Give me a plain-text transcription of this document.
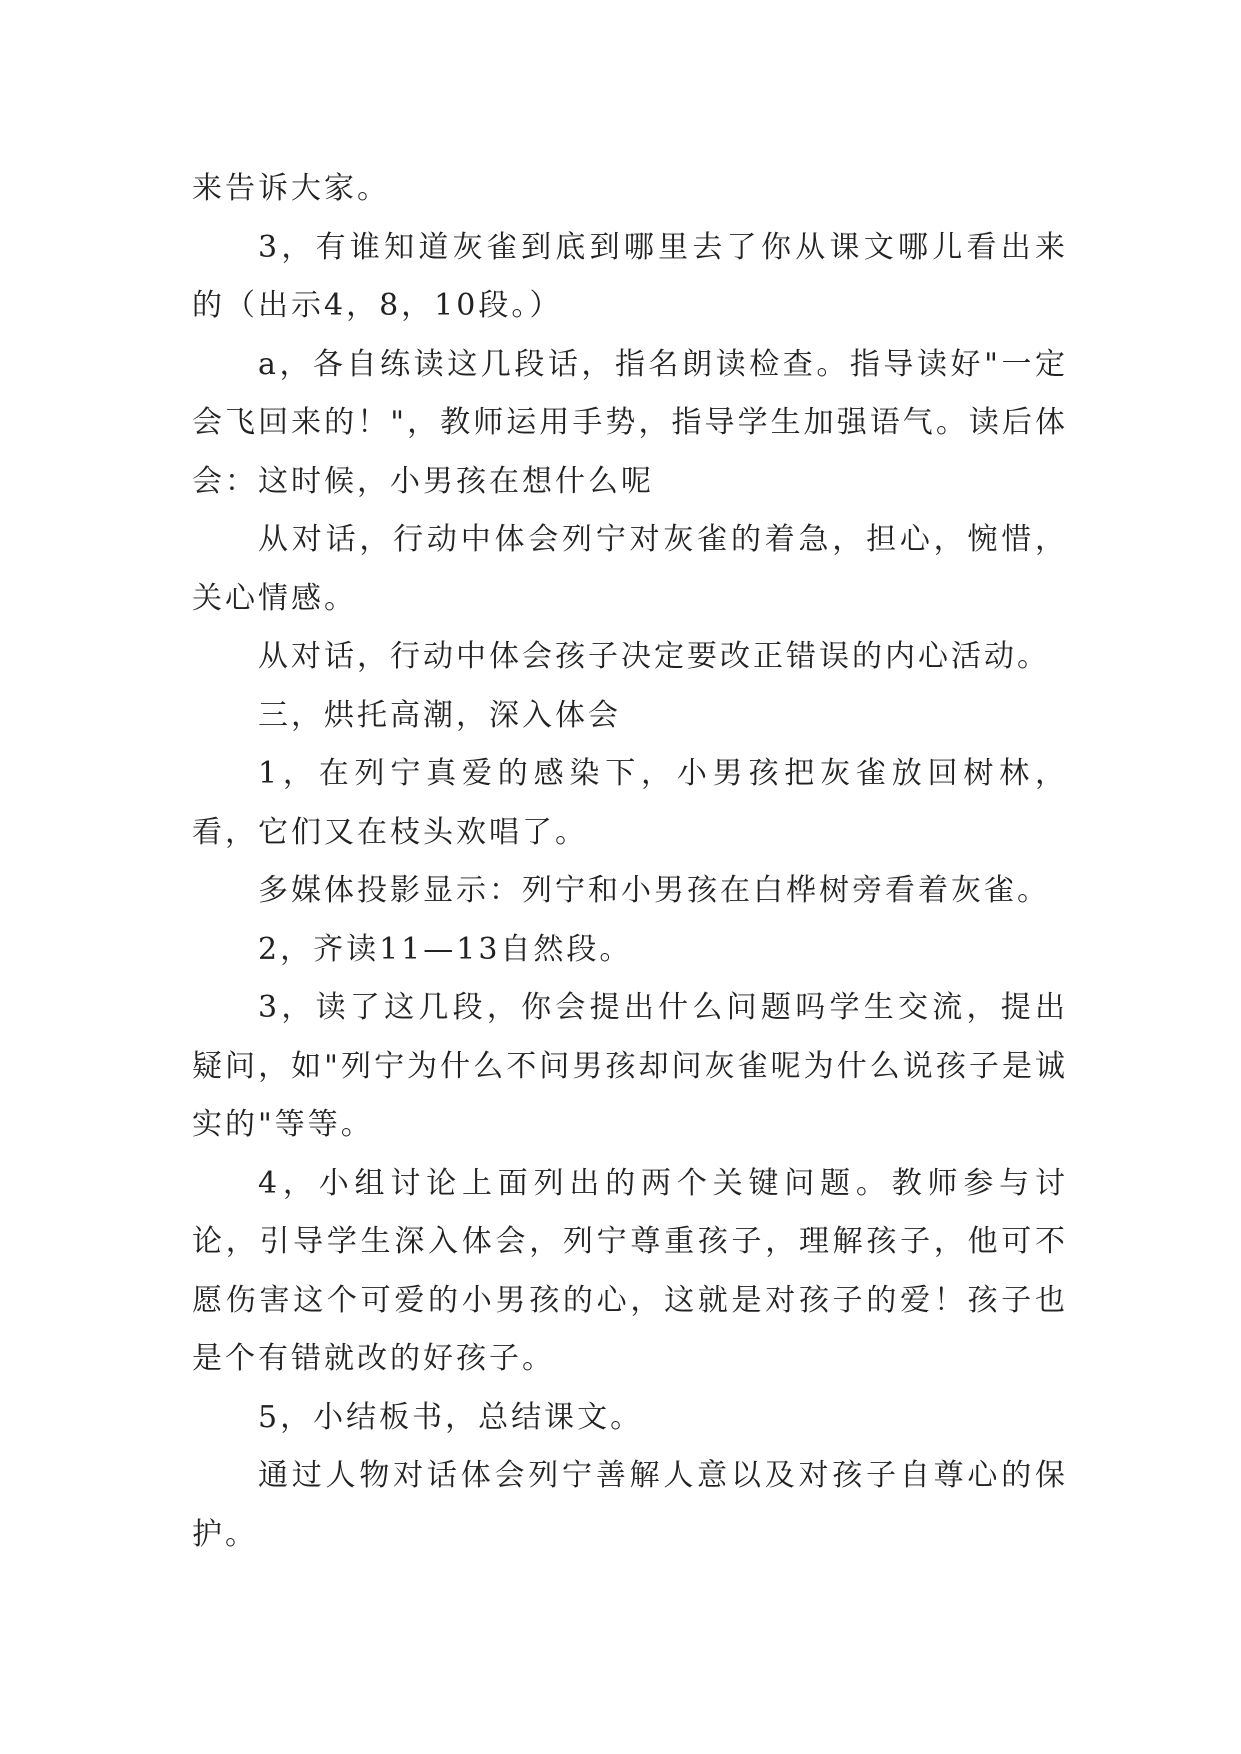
来告诉大家。

3，有谁知道灰雀到底到哪里去了你从课文哪儿看出来的（出示4，8，10段。）

a，各自练读这几段话，指名朗读检查。指导读好"一定会飞回来的！"，教师运用手势，指导学生加强语气。读后体会：这时候，小男孩在想什么呢

从对话，行动中体会列宁对灰雀的着急，担心，惋惜，关心情感。

从对话，行动中体会孩子决定要改正错误的内心活动。

三，烘托高潮，深入体会

1，在列宁真爱的感染下，小男孩把灰雀放回树林，看，它们又在枝头欢唱了。

多媒体投影显示：列宁和小男孩在白桦树旁看着灰雀。

2，齐读11—13自然段。

3，读了这几段，你会提出什么问题吗学生交流，提出疑问，如"列宁为什么不问男孩却问灰雀呢为什么说孩子是诚实的"等等。

4，小组讨论上面列出的两个关键问题。教师参与讨论，引导学生深入体会，列宁尊重孩子，理解孩子，他可不愿伤害这个可爱的小男孩的心，这就是对孩子的爱！孩子也是个有错就改的好孩子。

5，小结板书，总结课文。

通过人物对话体会列宁善解人意以及对孩子自尊心的保护。
